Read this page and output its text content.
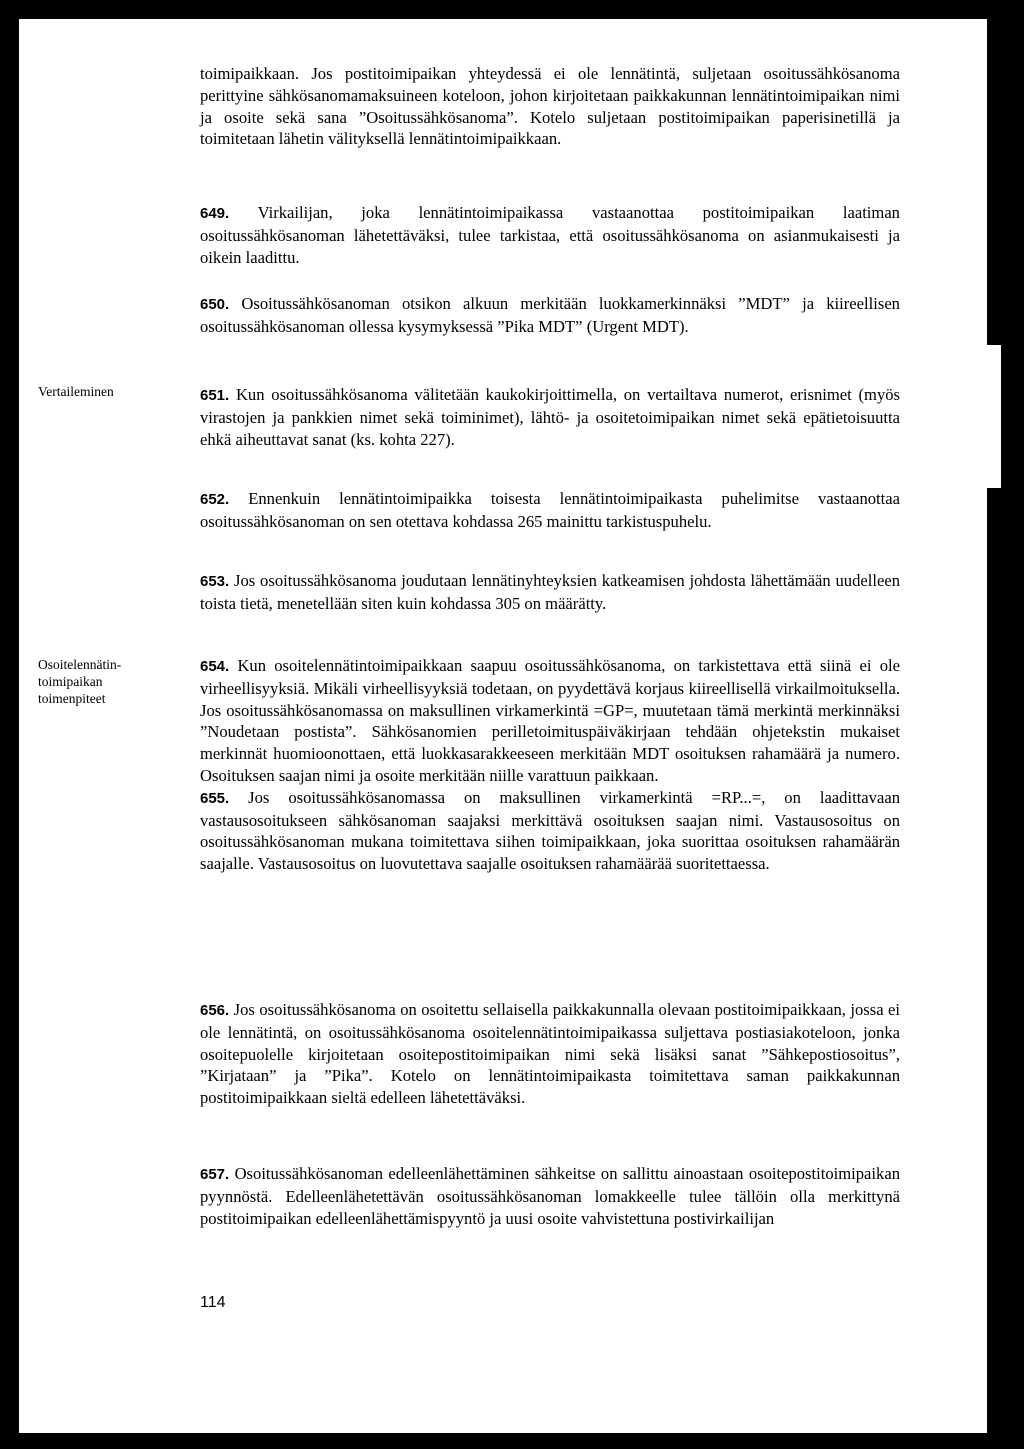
toimipaikkaan. Jos postitoimipaikan yhteydessä ei ole lennätintä, suljetaan osoitussähkösanoma perittyine sähkösanomamaksuineen koteloon, johon kirjoitetaan paikkakunnan lennätintoimipaikan nimi ja osoite sekä sana ”Osoitussähkösanoma”. Kotelo suljetaan postitoimipaikan paperisinetillä ja toimitetaan lähetin välityksellä lennätintoimipaikkaan.

649. Virkailijan, joka lennätintoimipaikassa vastaanottaa postitoimipaikan laatiman osoitussähkösanoman lähetettäväksi, tulee tarkistaa, että osoitussähkösanoma on asianmukaisesti ja oikein laadittu.

650. Osoitussähkösanoman otsikon alkuun merkitään luokkamerkinnäksi ”MDT” ja kiireellisen osoitussähkösanoman ollessa kysymyksessä ”Pika MDT” (Urgent MDT).

651. Kun osoitussähkösanoma välitetään kaukokirjoittimella, on vertailtava numerot, erisnimet (myös virastojen ja pankkien nimet sekä toiminimet), lähtö- ja osoitetoimipaikan nimet sekä epätietoisuutta ehkä aiheuttavat sanat (ks. kohta 227).

652. Ennenkuin lennätintoimipaikka toisesta lennätintoimipaikasta puhelimitse vastaanottaa osoitussähkösanoman on sen otettava kohdassa 265 mainittu tarkistuspuhelu.

653. Jos osoitussähkösanoma joudutaan lennätinyhteyksien katkeamisen johdosta lähettämään uudelleen toista tietä, menetellään siten kuin kohdassa 305 on määrätty.

654. Kun osoitelennätintoimipaikkaan saapuu osoitussähkösanoma, on tarkistettava että siinä ei ole virheellisyyksiä. Mikäli virheellisyyksiä todetaan, on pyydettävä korjaus kiireellisellä virkailmoituksella. Jos osoitussähkösanomassa on maksullinen virkamerkintä =GP=, muutetaan tämä merkintä merkinnäksi ”Noudetaan postista”. Sähkösanomien perilletoimituspäiväkirjaan tehdään ohjetekstin mukaiset merkinnät huomioonottaen, että luokkasarakkeeseen merkitään MDT osoituksen rahamäärä ja numero. Osoituksen saajan nimi ja osoite merkitään niille varattuun paikkaan.

655. Jos osoitussähkösanomassa on maksullinen virkamerkintä =RP...=, on laadittavaan vastausosoitukseen sähkösanoman saajaksi merkittävä osoituksen saajan nimi. Vastausosoitus on osoitussähkösanoman mukana toimitettava siihen toimipaikkaan, joka suorittaa osoituksen rahamäärän saajalle. Vastausosoitus on luovutettava saajalle osoituksen rahamäärää suoritettaessa.

656. Jos osoitussähkösanoma on osoitettu sellaisella paikkakunnalla olevaan postitoimipaikkaan, jossa ei ole lennätintä, on osoitussähkösanoma osoitelennätintoimipaikassa suljettava postiasiakoteloon, jonka osoitepuolelle kirjoitetaan osoitepostitoimipaikan nimi sekä lisäksi sanat ”Sähkepostiosoitus”, ”Kirjataan” ja ”Pika”. Kotelo on lennätintoimipaikasta toimitettava saman paikkakunnan postitoimipaikkaan sieltä edelleen lähetettäväksi.

657. Osoitussähkösanoman edelleenlähettäminen sähkeitse on sallittu ainoastaan osoitepostitoimipaikan pyynnöstä. Edelleenlähetettävän osoitussähkösanoman lomakkeelle tulee tällöin olla merkittynä postitoimipaikan edelleenlähettämispyyntö ja uusi osoite vahvistettuna postivirkailijan

Vertaileminen
Osoitelennätin-
toimipaikan
toimenpiteet
114
